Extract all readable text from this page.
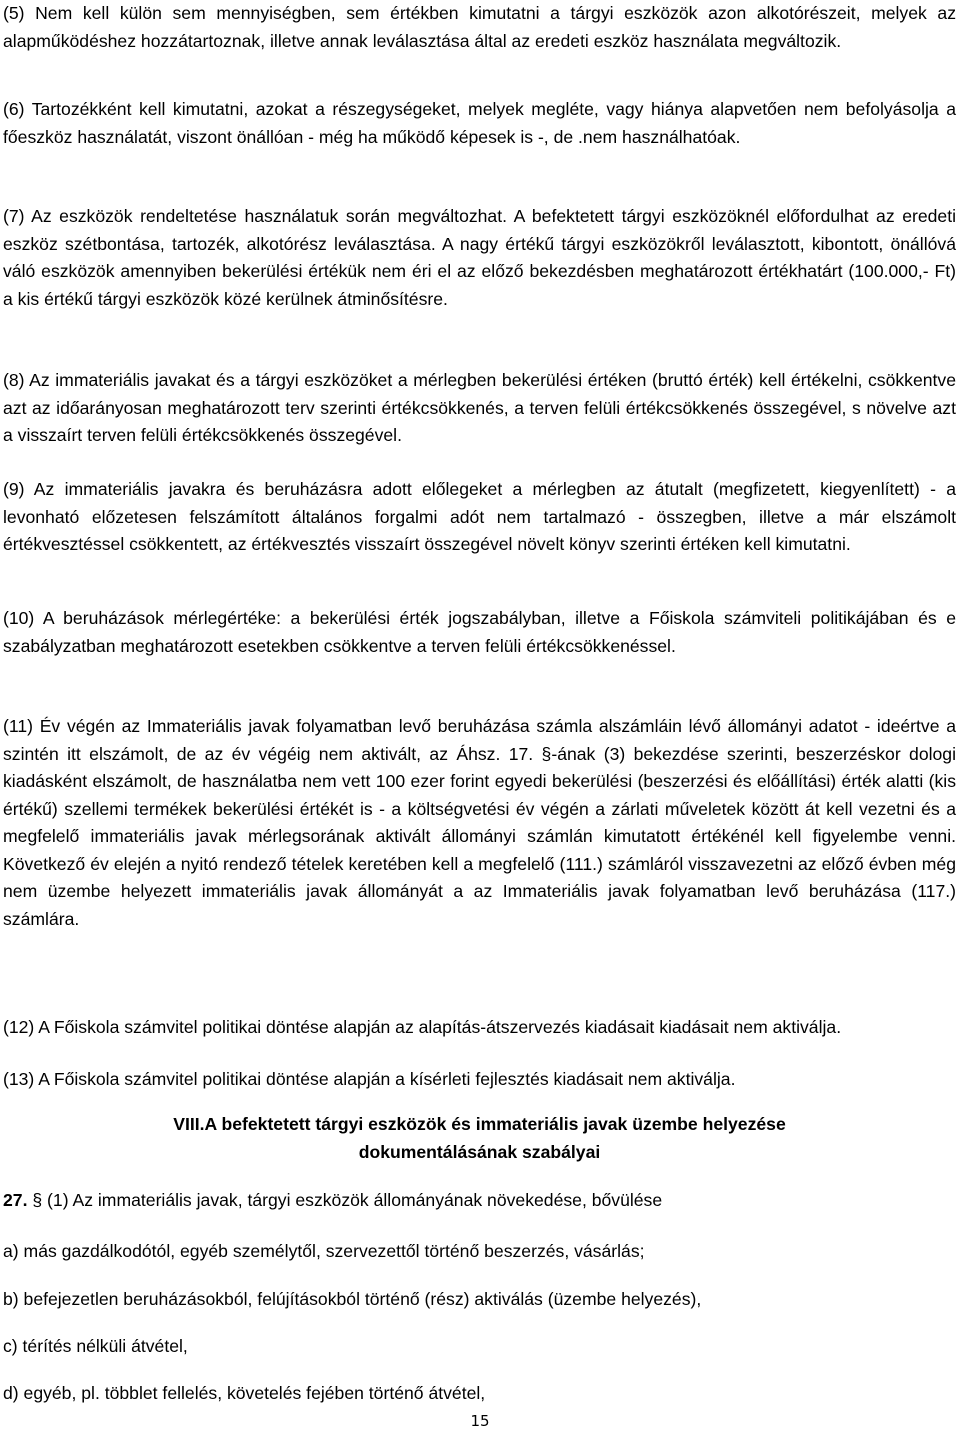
(5) Nem kell külön sem mennyiségben, sem értékben kimutatni a tárgyi eszközök azon alkotórészeit, melyek az alapműködéshez hozzátartoznak, illetve annak leválasztása által az eredeti eszköz használata megváltozik.

(6) Tartozékként kell kimutatni, azokat a részegységeket, melyek megléte, vagy hiánya alapvetően nem befolyásolja a főeszköz használatát, viszont önállóan - még ha működő képesek is -, de .nem használhatóak.

(7) Az eszközök rendeltetése használatuk során megváltozhat. A befektetett tárgyi eszközöknél előfordulhat az eredeti eszköz szétbontása, tartozék, alkotórész leválasztása. A nagy értékű tárgyi eszközökről leválasztott, kibontott, önállóvá váló eszközök amennyiben bekerülési értékük nem éri el az előző bekezdésben meghatározott értékhatárt (100.000,- Ft) a kis értékű tárgyi eszközök közé kerülnek átminősítésre.

(8) Az immateriális javakat és a tárgyi eszközöket a mérlegben bekerülési értéken (bruttó érték) kell értékelni, csökkentve azt az időarányosan meghatározott terv szerinti értékcsökkenés, a terven felüli értékcsökkenés összegével, s növelve azt a visszaírt terven felüli értékcsökkenés összegével.

(9) Az immateriális javakra és beruházásra adott előlegeket a mérlegben az átutalt (megfizetett, kiegyenlített) - a levonható előzetesen felszámított általános forgalmi adót nem tartalmazó - összegben, illetve a már elszámolt értékvesztéssel csökkentett, az értékvesztés visszaírt összegével növelt könyv szerinti értéken kell kimutatni.

(10) A beruházások mérlegértéke: a bekerülési érték jogszabályban, illetve a Főiskola számviteli politikájában és e szabályzatban meghatározott esetekben csökkentve a terven felüli értékcsökkenéssel.

(11) Év végén az Immateriális javak folyamatban levő beruházása számla alszámláin lévő állományi adatot - ideértve a szintén itt elszámolt, de az év végéig nem aktivált, az Áhsz. 17. §-ának (3) bekezdése szerinti, beszerzéskor dologi kiadásként elszámolt, de használatba nem vett 100 ezer forint egyedi bekerülési (beszerzési és előállítási) érték alatti (kis értékű) szellemi termékek bekerülési értékét is - a költségvetési év végén a zárlati műveletek között át kell vezetni és a megfelelő immateriális javak mérlegsorának aktivált állományi számlán kimutatott értékénél kell figyelembe venni. Következő év elején a nyitó rendező tételek keretében kell a megfelelő (111.) számláról visszavezetni az előző évben még nem üzembe helyezett immateriális javak állományát a az Immateriális javak folyamatban levő beruházása (117.) számlára.

(12) A Főiskola számvitel politikai döntése alapján az alapítás-átszervezés kiadásait kiadásait nem aktiválja.

(13) A Főiskola számvitel politikai döntése alapján a kísérleti fejlesztés kiadásait nem aktiválja.

VIII.A befektetett tárgyi eszközök és immateriális javak üzembe helyezése
dokumentálásának szabályai

27. § (1) Az immateriális javak, tárgyi eszközök állományának növekedése, bővülése

a) más gazdálkodótól, egyéb személytől, szervezettől történő beszerzés, vásárlás;

b) befejezetlen beruházásokból, felújításokból történő (rész) aktiválás (üzembe helyezés),

c) térítés nélküli átvétel,

d) egyéb, pl. többlet fellelés, követelés fejében történő átvétel,

15
